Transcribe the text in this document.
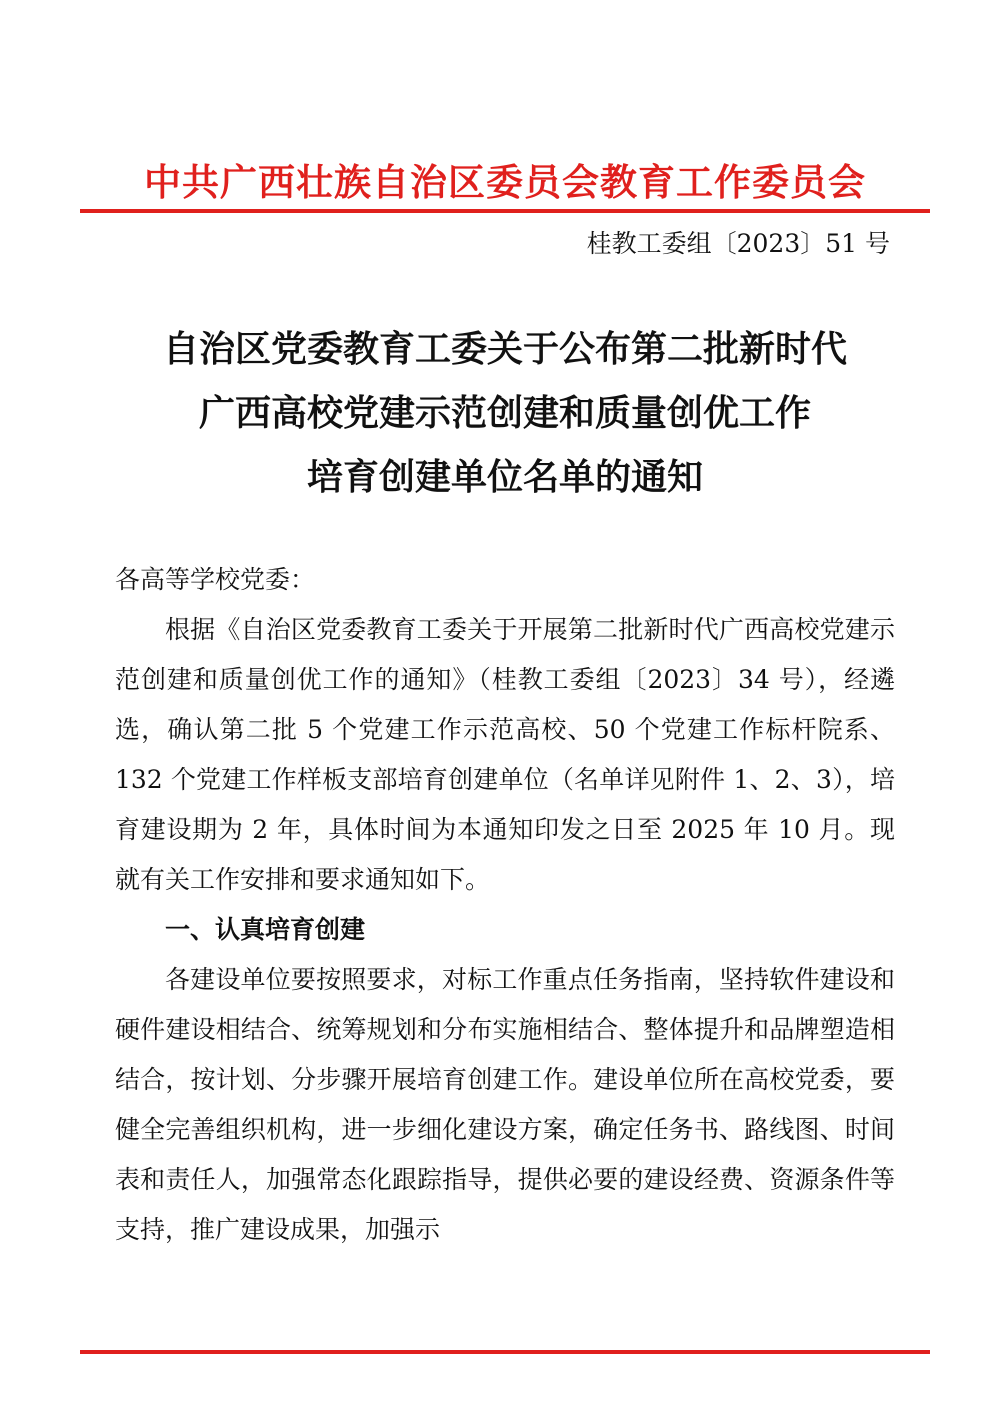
中共广西壮族自治区委员会教育工作委员会
桂教工委组〔2023〕51 号
自治区党委教育工委关于公布第二批新时代
广西高校党建示范创建和质量创优工作
培育创建单位名单的通知

各高等学校党委：

根据《自治区党委教育工委关于开展第二批新时代广西高校党建示范创建和质量创优工作的通知》（桂教工委组〔2023〕34 号），经遴选，确认第二批 5 个党建工作示范高校、50 个党建工作标杆院系、132 个党建工作样板支部培育创建单位（名单详见附件 1、2、3），培育建设期为 2 年，具体时间为本通知印发之日至 2025 年 10 月。现就有关工作安排和要求通知如下。

一、认真培育创建

各建设单位要按照要求，对标工作重点任务指南，坚持软件建设和硬件建设相结合、统筹规划和分布实施相结合、整体提升和品牌塑造相结合，按计划、分步骤开展培育创建工作。建设单位所在高校党委，要健全完善组织机构，进一步细化建设方案，确定任务书、路线图、时间表和责任人，加强常态化跟踪指导，提供必要的建设经费、资源条件等支持，推广建设成果，加强示
